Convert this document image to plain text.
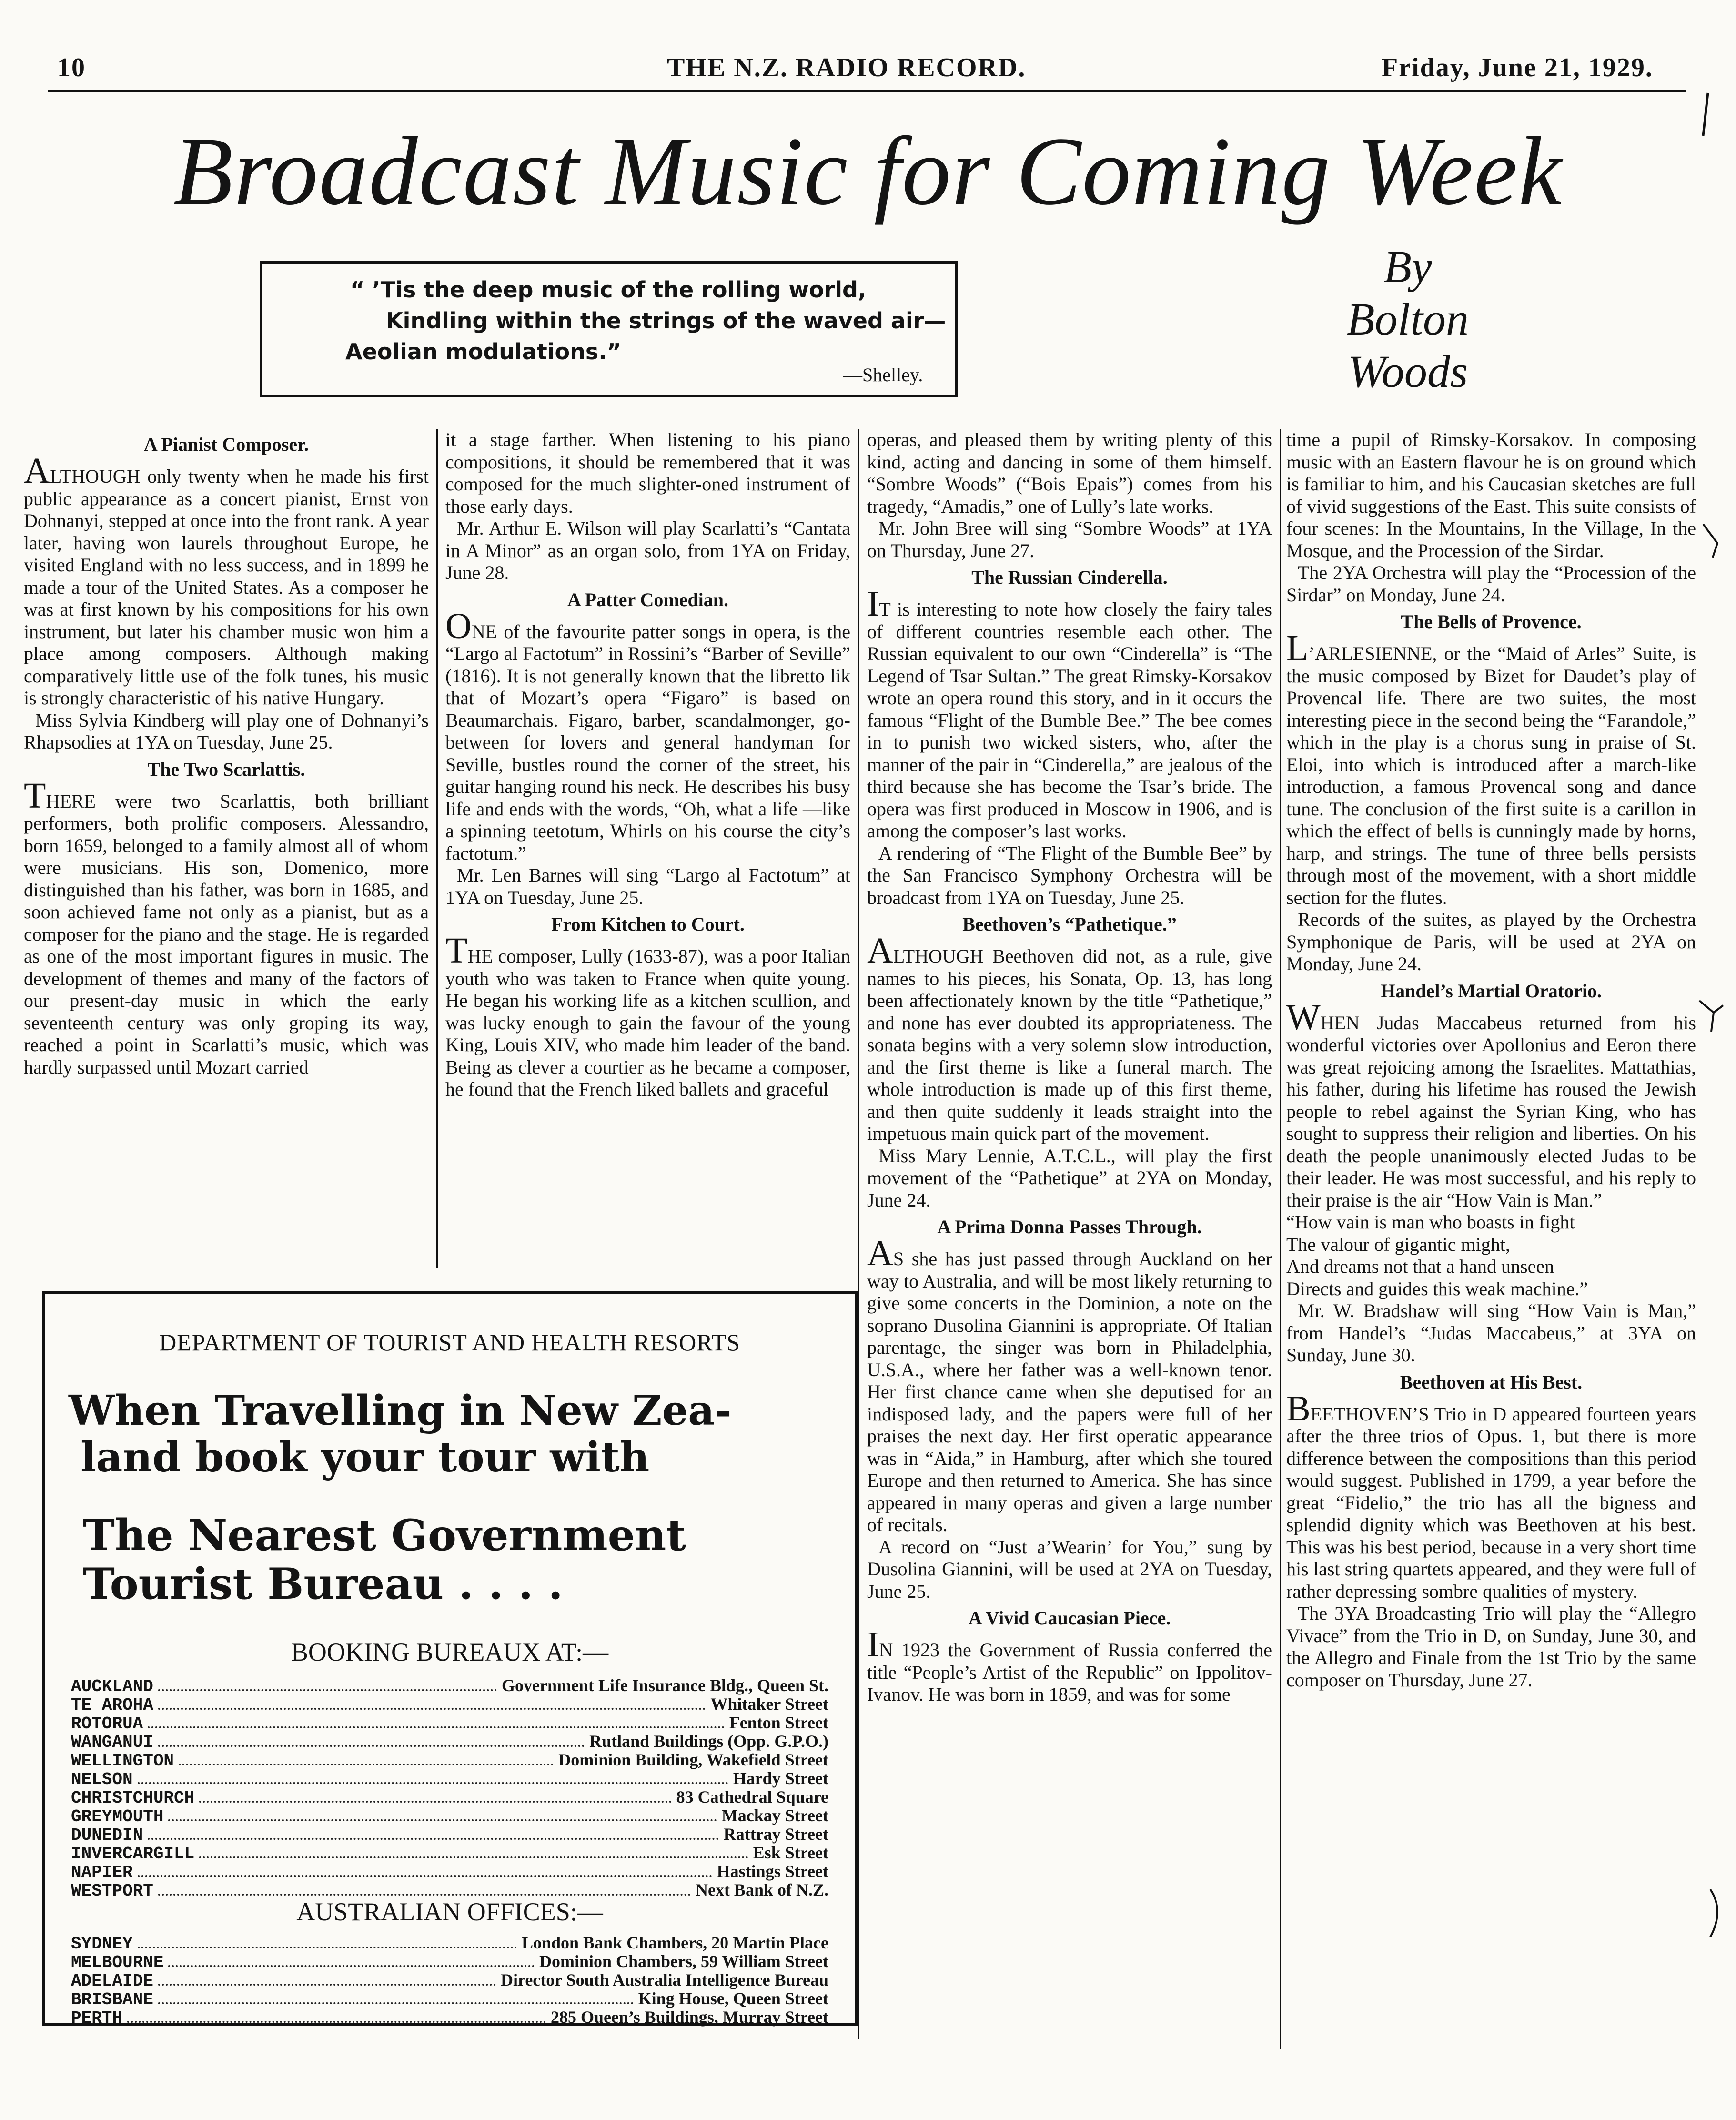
10	THE N.Z. RADIO RECORD.	Friday, June 21, 1929.
Broadcast Music for Coming Week
“ ’Tis the deep music of the rolling world,
Kindling within the strings of the waved air—
Aeolian modulations.”
—Shelley.
By
Bolton
Woods
A Pianist Composer.

ALTHOUGH only twenty when he made his first public appearance as a concert pianist, Ernst von Dohnanyi, stepped at once into the front rank. A year later, having won laurels throughout Europe, he visited England with no less success, and in 1899 he made a tour of the United States. As a composer he was at first known by his compositions for his own instrument, but later his chamber music won him a place among composers. Although making comparatively little use of the folk tunes, his music is strongly characteristic of his native Hungary.

Miss Sylvia Kindberg will play one of Dohnanyi’s Rhapsodies at 1YA on Tuesday, June 25.

The Two Scarlattis.

THERE were two Scarlattis, both brilliant performers, both prolific composers. Alessandro, born 1659, belonged to a family almost all of whom were musicians. His son, Domenico, more distinguished than his father, was born in 1685, and soon achieved fame not only as a pianist, but as a composer for the piano and the stage. He is regarded as one of the most important figures in music. The development of themes and many of the factors of our present-day music in which the early seventeenth century was only groping its way, reached a point in Scarlatti’s music, which was hardly surpassed until Mozart carried

it a stage farther. When listening to his piano compositions, it should be remembered that it was composed for the much slighter-oned instrument of those early days.

Mr. Arthur E. Wilson will play Scarlatti’s “Cantata in A Minor” as an organ solo, from 1YA on Friday, June 28.

A Patter Comedian.

ONE of the favourite patter songs in opera, is the “Largo al Factotum” in Rossini’s “Barber of Seville” (1816). It is not generally known that the libretto lik that of Mozart’s opera “Figaro” is based on Beaumarchais. Figaro, barber, scandalmonger, go-between for lovers and general handyman for Seville, bustles round the corner of the street, his guitar hanging round his neck. He describes his busy life and ends with the words, “Oh, what a life —like a spinning teetotum, Whirls on his course the city’s factotum.”

Mr. Len Barnes will sing “Largo al Factotum” at 1YA on Tuesday, June 25.

From Kitchen to Court.

THE composer, Lully (1633-87), was a poor Italian youth who was taken to France when quite young. He began his working life as a kitchen scullion, and was lucky enough to gain the favour of the young King, Louis XIV, who made him leader of the band. Being as clever a courtier as he became a composer, he found that the French liked ballets and graceful

operas, and pleased them by writing plenty of this kind, acting and dancing in some of them himself. “Sombre Woods” (“Bois Epais”) comes from his tragedy, “Amadis,” one of Lully’s late works.

Mr. John Bree will sing “Sombre Woods” at 1YA on Thursday, June 27.

The Russian Cinderella.

IT is interesting to note how closely the fairy tales of different countries resemble each other. The Russian equivalent to our own “Cinderella” is “The Legend of Tsar Sultan.” The great Rimsky-Korsakov wrote an opera round this story, and in it occurs the famous “Flight of the Bumble Bee.” The bee comes in to punish two wicked sisters, who, after the manner of the pair in “Cinderella,” are jealous of the third because she has become the Tsar’s bride. The opera was first produced in Moscow in 1906, and is among the composer’s last works.

A rendering of “The Flight of the Bumble Bee” by the San Francisco Symphony Orchestra will be broadcast from 1YA on Tuesday, June 25.

Beethoven’s “Pathetique.”

ALTHOUGH Beethoven did not, as a rule, give names to his pieces, his Sonata, Op. 13, has long been affectionately known by the title “Pathetique,” and none has ever doubted its appropriateness. The sonata begins with a very solemn slow introduction, and the first theme is like a funeral march. The whole introduction is made up of this first theme, and then quite suddenly it leads straight into the impetuous main quick part of the movement.

Miss Mary Lennie, A.T.C.L., will play the first movement of the “Pathetique” at 2YA on Monday, June 24.

A Prima Donna Passes Through.

AS she has just passed through Auckland on her way to Australia, and will be most likely returning to give some concerts in the Dominion, a note on the soprano Dusolina Giannini is appropriate. Of Italian parentage, the singer was born in Philadelphia, U.S.A., where her father was a well-known tenor. Her first chance came when she deputised for an indisposed lady, and the papers were full of her praises the next day. Her first operatic appearance was in “Aida,” in Hamburg, after which she toured Europe and then returned to America. She has since appeared in many operas and given a large number of recitals.

A record on “Just a’Wearin’ for You,” sung by Dusolina Giannini, will be used at 2YA on Tuesday, June 25.

A Vivid Caucasian Piece.

IN 1923 the Government of Russia conferred the title “People’s Artist of the Republic” on Ippolitov-Ivanov. He was born in 1859, and was for some

time a pupil of Rimsky-Korsakov. In composing music with an Eastern flavour he is on ground which is familiar to him, and his Caucasian sketches are full of vivid suggestions of the East. This suite consists of four scenes: In the Mountains, In the Village, In the Mosque, and the Procession of the Sirdar.

The 2YA Orchestra will play the “Procession of the Sirdar” on Monday, June 24.

The Bells of Provence.

L’ARLESIENNE, or the “Maid of Arles” Suite, is the music composed by Bizet for Daudet’s play of Provencal life. There are two suites, the most interesting piece in the second being the “Farandole,” which in the play is a chorus sung in praise of St. Eloi, into which is introduced after a march-like introduction, a famous Provencal song and dance tune. The conclusion of the first suite is a carillon in which the effect of bells is cunningly made by horns, harp, and strings. The tune of three bells persists through most of the movement, with a short middle section for the flutes.

Records of the suites, as played by the Orchestra Symphonique de Paris, will be used at 2YA on Monday, June 24.

Handel’s Martial Oratorio.

WHEN Judas Maccabeus returned from his wonderful victories over Apollonius and Eeron there was great rejoicing among the Israelites. Mattathias, his father, during his lifetime has roused the Jewish people to rebel against the Syrian King, who has sought to suppress their religion and liberties. On his death the people unanimously elected Judas to be their leader. He was most successful, and his reply to their praise is the air “How Vain is Man.”

“How vain is man who boasts in fight
The valour of gigantic might,
And dreams not that a hand unseen
Directs and guides this weak machine.”

Mr. W. Bradshaw will sing “How Vain is Man,” from Handel’s “Judas Maccabeus,” at 3YA on Sunday, June 30.

Beethoven at His Best.

BEETHOVEN’S Trio in D appeared fourteen years after the three trios of Opus. 1, but there is more difference between the compositions than this period would suggest. Published in 1799, a year before the great “Fidelio,” the trio has all the bigness and splendid dignity which was Beethoven at his best. This was his best period, because in a very short time his last string quartets appeared, and they were full of rather depressing sombre qualities of mystery.

The 3YA Broadcasting Trio will play the “Allegro Vivace” from the Trio in D, on Sunday, June 30, and the Allegro and Finale from the 1st Trio by the same composer on Thursday, June 27.

DEPARTMENT OF TOURIST AND HEALTH RESORTS
When Travelling in New Zea-
land book your tour with
The Nearest Government
Tourist Bureau . . . .
BOOKING BUREAUX AT:—
AUCKLAND	Government Life Insurance Bldg., Queen St.
TE AROHA	Whitaker Street
ROTORUA	Fenton Street
WANGANUI	Rutland Buildings (Opp. G.P.O.)
WELLINGTON	Dominion Building, Wakefield Street
NELSON	Hardy Street
CHRISTCHURCH	83 Cathedral Square
GREYMOUTH	Mackay Street
DUNEDIN	Rattray Street
INVERCARGILL	Esk Street
NAPIER	Hastings Street
WESTPORT	Next Bank of N.Z.
AUSTRALIAN OFFICES:—
SYDNEY	London Bank Chambers, 20 Martin Place
MELBOURNE	Dominion Chambers, 59 William Street
ADELAIDE	Director South Australia Intelligence Bureau
BRISBANE	King House, Queen Street
PERTH	285 Queen’s Buildings, Murray Street
